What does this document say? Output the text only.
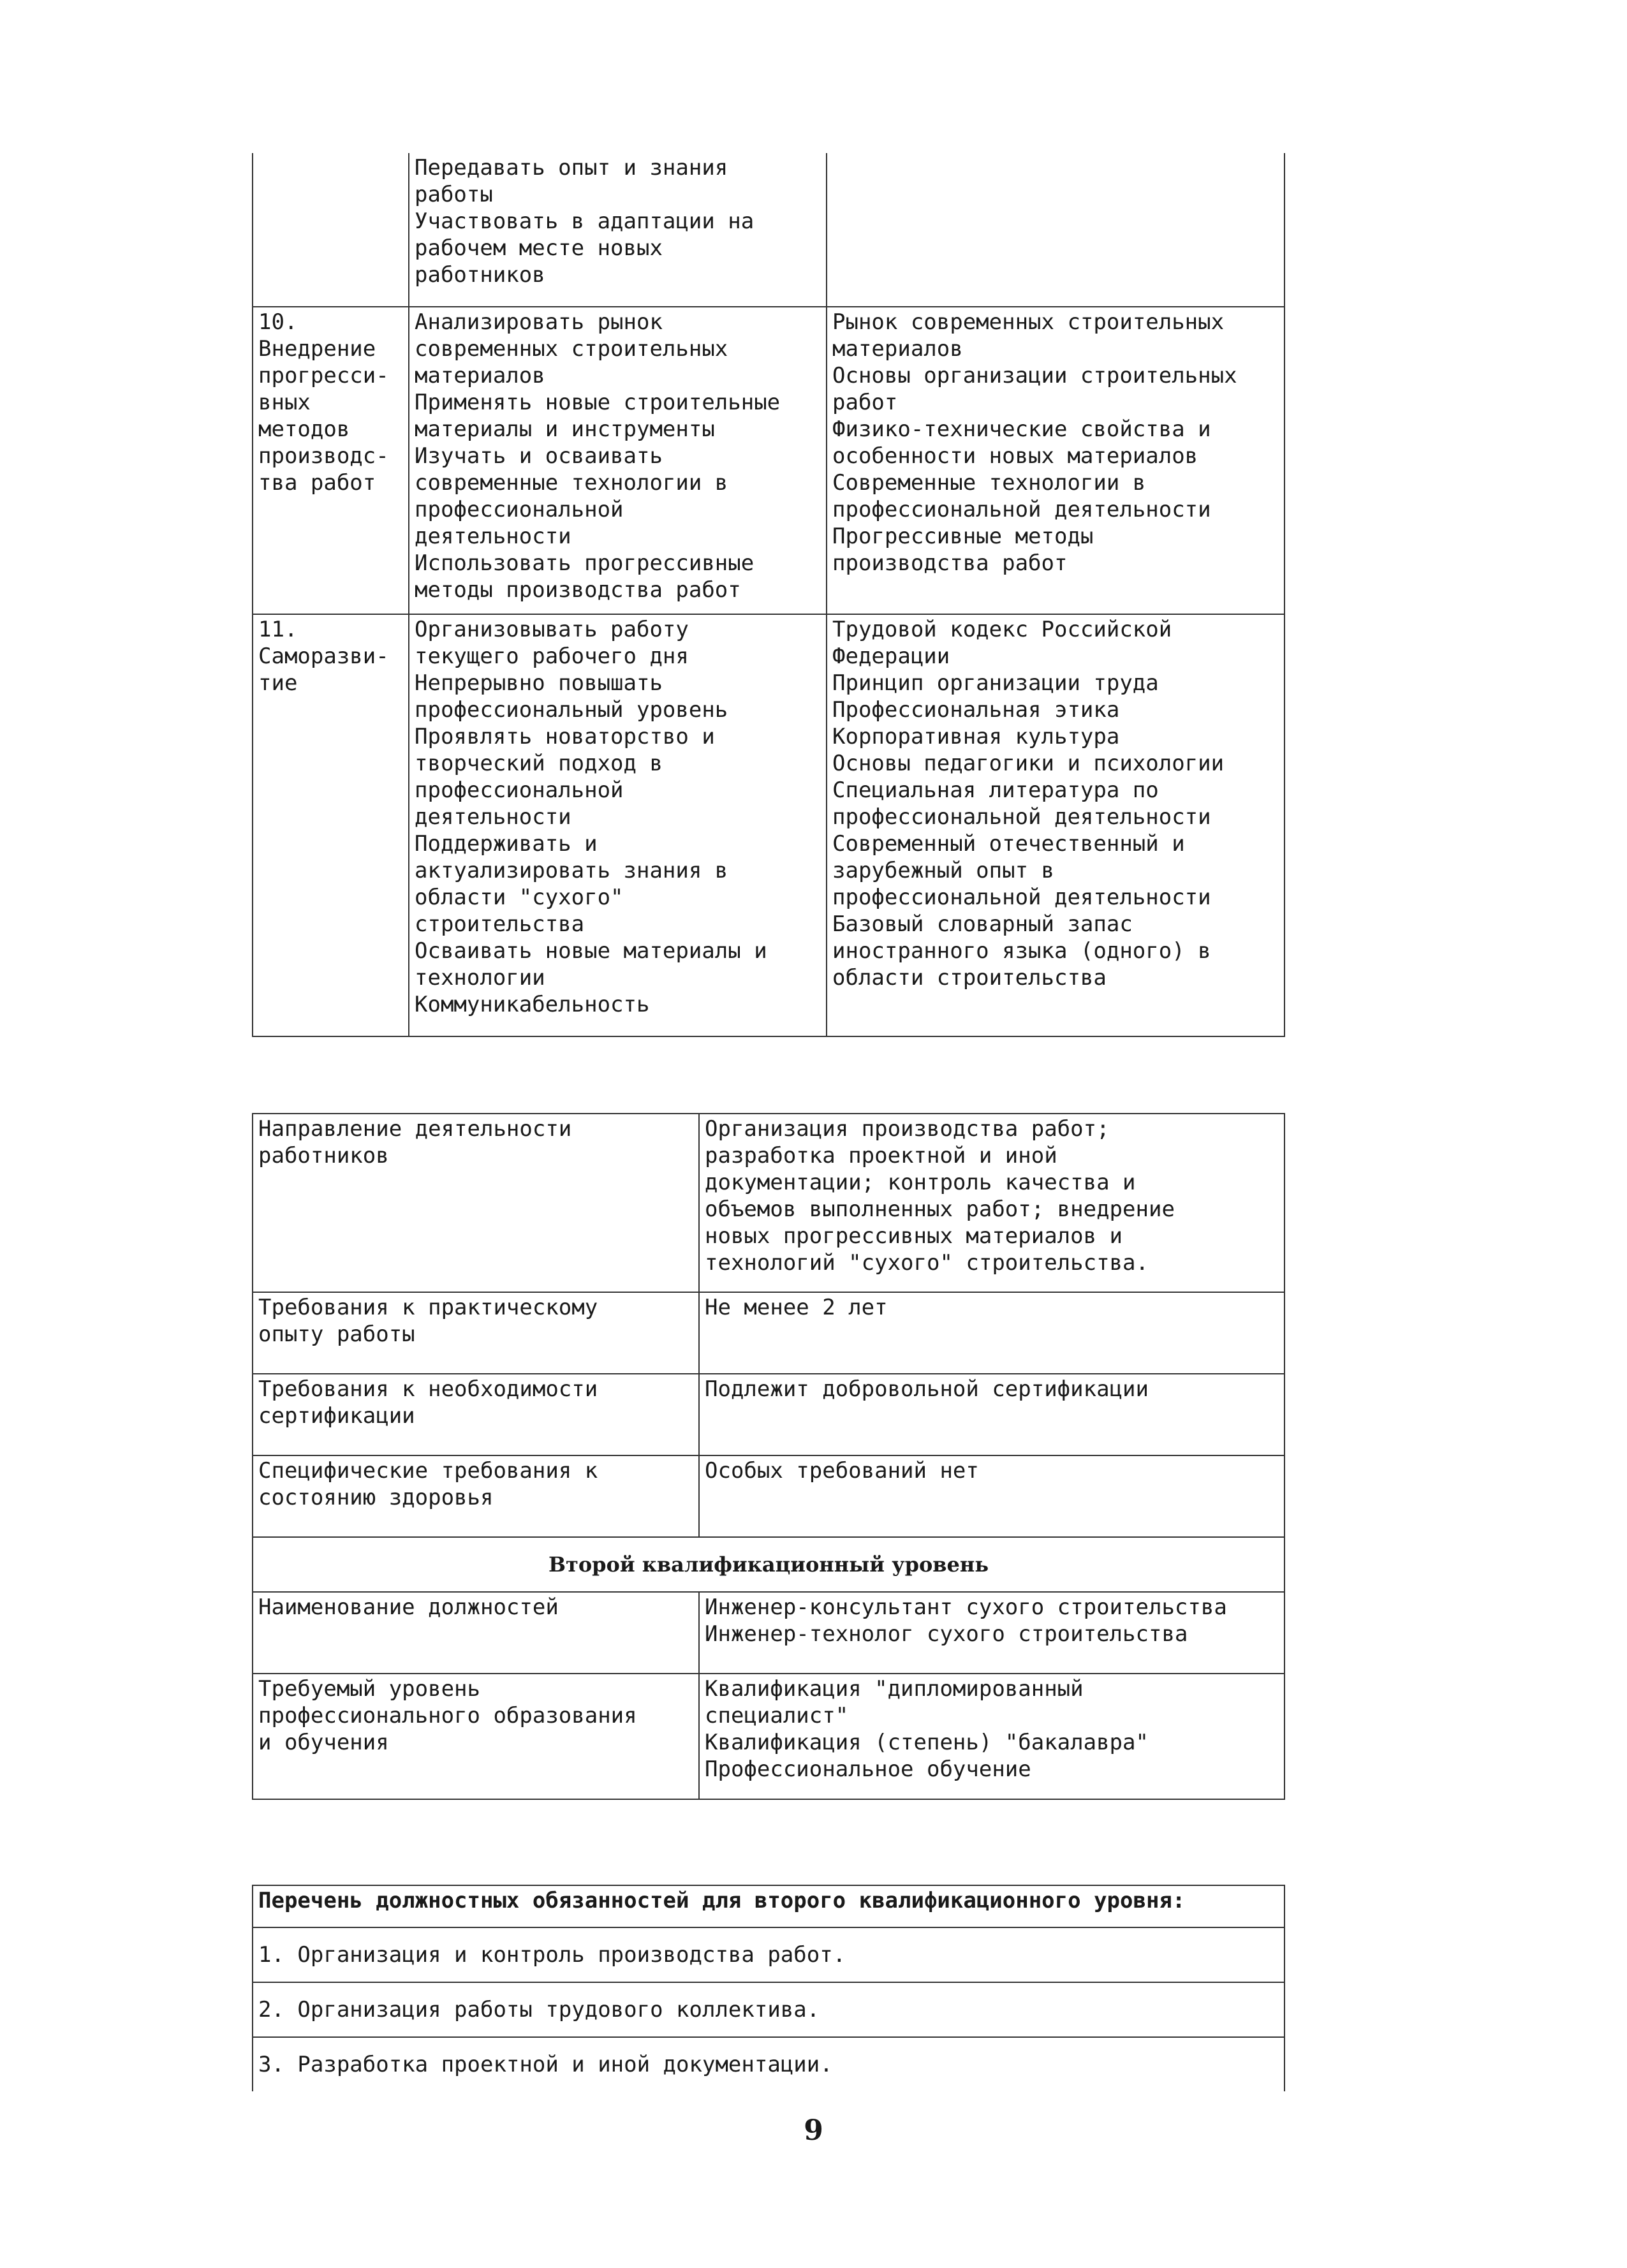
Передавать опыт и знания
работы
Участвовать в адаптации на
рабочем месте новых
работников
10.
Внедрение
прогресси-
вных
методов
производс-
тва работ
Анализировать рынок
современных строительных
материалов
Применять новые строительные
материалы и инструменты
Изучать и осваивать
современные технологии в
профессиональной
деятельности
Использовать прогрессивные
методы производства работ
Рынок современных строительных
материалов
Основы организации строительных
работ
Физико-технические свойства и
особенности новых материалов
Современные технологии в
профессиональной деятельности
Прогрессивные методы
производства работ
11.
Саморазви-
тие
Организовывать работу
текущего рабочего дня
Непрерывно повышать
профессиональный уровень
Проявлять новаторство и
творческий подход в
профессиональной
деятельности
Поддерживать и
актуализировать знания в
области "сухого"
строительства
Осваивать новые материалы и
технологии
Коммуникабельность
Трудовой кодекс Российской
Федерации
Принцип организации труда
Профессиональная этика
Корпоративная культура
Основы педагогики и психологии
Специальная литература по
профессиональной деятельности
Современный отечественный и
зарубежный опыт в
профессиональной деятельности
Базовый словарный запас
иностранного языка (одного) в
области строительства
Направление деятельности
работников
Организация производства работ;
разработка проектной и иной
документации; контроль качества и
объемов выполненных работ; внедрение
новых прогрессивных материалов и
технологий "сухого" строительства.
Требования к практическому
опыту работы
Не менее 2 лет
Требования к необходимости
сертификации
Подлежит добровольной сертификации
Специфические требования к
состоянию здоровья
Особых требований нет
Второй квалификационный уровень
Наименование должностей	Инженер-консультант сухого строительства
Инженер-технолог сухого строительства
Требуемый уровень
профессионального образования
и обучения
Квалификация "дипломированный
специалист"
Квалификация (степень) "бакалавра"
Профессиональное обучение
Перечень должностных обязанностей для второго квалификационного уровня:
1. Организация и контроль производства работ.
2. Организация работы трудового коллектива.
3. Разработка проектной и иной документации.
9
